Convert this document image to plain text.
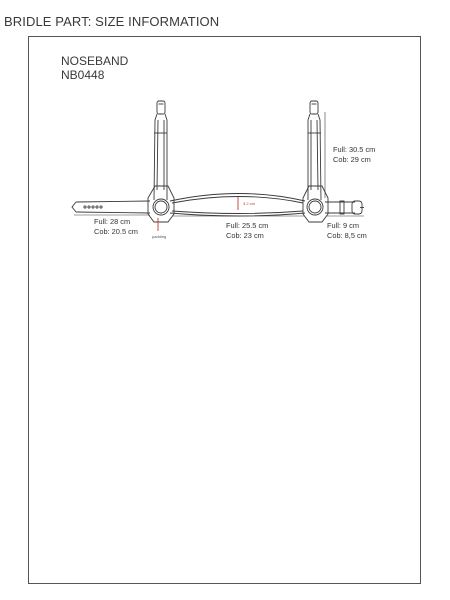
BRIDLE PART: SIZE INFORMATION
NOSEBAND
NB0448
3.2 cm
padding
Full: 28 cm
Cob: 20.5 cm
Full: 25.5 cm
Cob: 23 cm
Full: 9 cm
Cob: 8,5 cm
Full: 30.5 cm
Cob: 29 cm
